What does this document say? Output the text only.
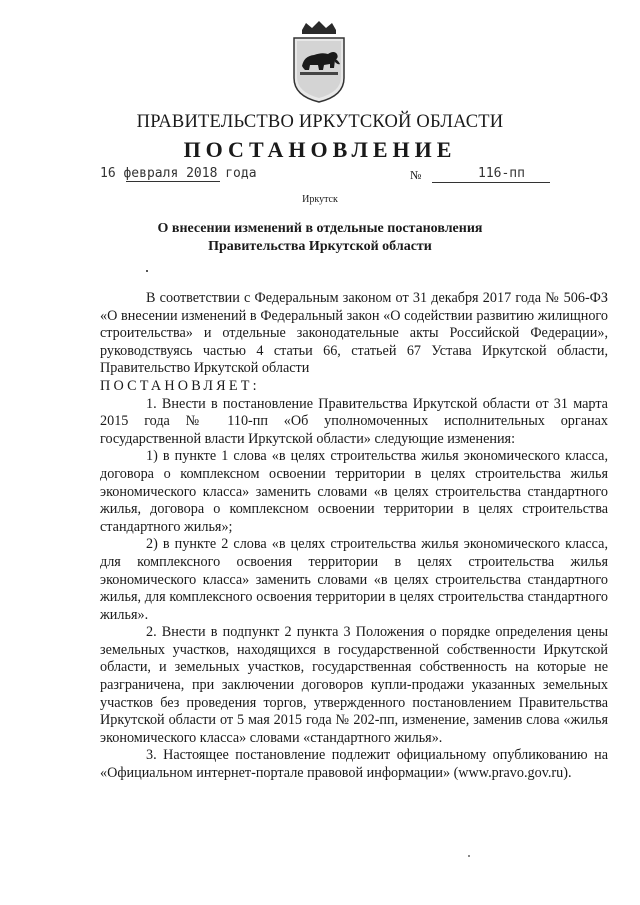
ПРАВИТЕЛЬСТВО ИРКУТСКОЙ ОБЛАСТИ
ПОСТАНОВЛЕНИЕ
16 февраля 2018 года	№	116-пп
Иркутск
О внесении изменений в отдельные постановления
Правительства Иркутской области

В соответствии с Федеральным законом от 31 декабря 2017 года № 506-ФЗ «О внесении изменений в Федеральный закон «О содействии развитию жилищного строительства» и отдельные законодательные акты Российской Федерации», руководствуясь частью 4 статьи 66, статьей 67 Устава Иркутской области, Правительство Иркутской области

ПОСТАНОВЛЯЕТ:

1. Внести в постановление Правительства Иркутской области от 31 марта 2015 года № 110-пп «Об уполномоченных исполнительных органах государственной власти Иркутской области» следующие изменения:

1) в пункте 1 слова «в целях строительства жилья экономического класса, договора о комплексном освоении территории в целях строительства жилья экономического класса» заменить словами «в целях строительства стандартного жилья, договора о комплексном освоении территории в целях строительства стандартного жилья»;

2) в пункте 2 слова «в целях строительства жилья экономического класса, для комплексного освоения территории в целях строительства жилья экономического класса» заменить словами «в целях строительства стандартного жилья, для комплексного освоения территории в целях строительства стандартного жилья».

2. Внести в подпункт 2 пункта 3 Положения о порядке определения цены земельных участков, находящихся в государственной собственности Иркутской области, и земельных участков, государственная собственность на которые не разграничена, при заключении договоров купли-продажи указанных земельных участков без проведения торгов, утвержденного постановлением Правительства Иркутской области от 5 мая 2015 года № 202-пп, изменение, заменив слова «жилья экономического класса» словами «стандартного жилья».

3. Настоящее постановление подлежит официальному опубликованию на «Официальном интернет-портале правовой информации» (www.pravo.gov.ru).
